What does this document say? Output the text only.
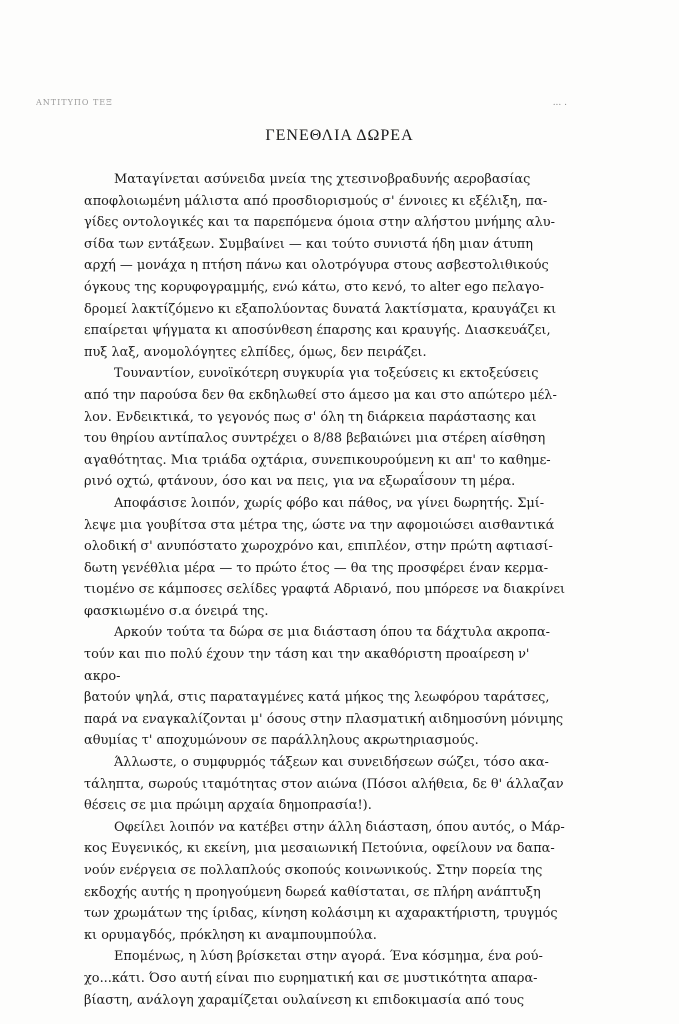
ΑΝΤΙΤΥΠΟ ΤΕΞ	... .
ΓΕΝΕΘΛΙΑ ΔΩΡΕΑ

Ματαγίνεται ασύνειδα μνεία της χτεσινοβραδυνής αεροβασίας
αποφλοιωμένη μάλιστα από προσδιορισμούς σ' έννοιες κι εξέλιξη, πα-
γίδες οντολογικές και τα παρεπόμενα όμοια στην αλήστου μνήμης αλυ-
σίδα των εντάξεων. Συμβαίνει — και τούτο συνιστά ήδη μιαν άτυπη
αρχή — μονάχα η πτήση πάνω και ολοτρόγυρα στους ασβεστολιθικούς
όγκους της κορυφογραμμής, ενώ κάτω, στο κενό, το alter ego πελαγο-
δρομεί λακτίζόμενο κι εξαπολύοντας δυνατά λακτίσματα, κραυγάζει κι
επαίρεται ψήγματα κι αποσύνθεση έπαρσης και κραυγής. Διασκευάζει,
πυξ λαξ, ανομολόγητες ελπίδες, όμως, δεν πειράζει.

Τουναντίον, ευνοϊκότερη συγκυρία για τοξεύσεις κι εκτοξεύσεις
από την παρούσα δεν θα εκδηλωθεί στο άμεσο μα και στο απώτερο μέλ-
λον. Ενδεικτικά, το γεγονός πως σ' όλη τη διάρκεια παράστασης και
του θηρίου αντίπαλος συντρέχει ο 8/88 βεβαιώνει μια στέρεη αίσθηση
αγαθότητας. Μια τριάδα οχτάρια, συνεπικουρούμενη κι απ' το καθημε-
ρινό οχτώ, φτάνουν, όσο και να πεις, για να εξωραΐσουν τη μέρα.

Αποφάσισε λοιπόν, χωρίς φόβο και πάθος, να γίνει δωρητής. Σμί-
λεψε μια γουβίτσα στα μέτρα της, ώστε να την αφομοιώσει αισθαντικά
ολοδική σ' ανυπόστατο χωροχρόνο και, επιπλέον, στην πρώτη αφτιασί-
δωτη γενέθλια μέρα — το πρώτο έτος — θα της προσφέρει έναν κερμα-
τιομένο σε κάμποσες σελίδες γραφτά Αδριανό, που μπόρεσε να διακρίνει
φασκιωμένο σ.α όνειρά της.

Αρκούν τούτα τα δώρα σε μια διάσταση όπου τα δάχτυλα ακροπα-
τούν και πιο πολύ έχουν την τάση και την ακαθόριστη προαίρεση ν' ακρο-
βατούν ψηλά, στις παραταγμένες κατά μήκος της λεωφόρου ταράτσες,
παρά να εναγκαλίζονται μ' όσους στην πλασματική αιδημοσύνη μόνιμης
αθυμίας τ' αποχυμώνουν σε παράλληλους ακρωτηριασμούς.

Άλλωστε, ο συμφυρμός τάξεων και συνειδήσεων σώζει, τόσο ακα-
τάληπτα, σωρούς ιταμότητας στον αιώνα (Πόσοι αλήθεια, δε θ' άλλαζαν
θέσεις σε μια πρώιμη αρχαία δημοπρασία!).

Οφείλει λοιπόν να κατέβει στην άλλη διάσταση, όπου αυτός, ο Μάρ-
κος Ευγενικός, κι εκείνη, μια μεσαιωνική Πετούνια, οφείλουν να δαπα-
νούν ενέργεια σε πολλαπλούς σκοπούς κοινωνικούς. Στην πορεία της
εκδοχής αυτής η προηγούμενη δωρεά καθίσταται, σε πλήρη ανάπτυξη
των χρωμάτων της ίριδας, κίνηση κολάσιμη κι αχαρακτήριστη, τρυγμός
κι ορυμαγδός, πρόκληση κι αναμπουμπούλα.

Επομένως, η λύση βρίσκεται στην αγορά. Ένα κόσμημα, ένα ρού-
χο...κάτι. Όσο αυτή είναι πιο ευρηματική και σε μυστικότητα απαρα-
βίαστη, ανάλογη χαραμίζεται ουλαίνεση κι επιδοκιμασία από τους
